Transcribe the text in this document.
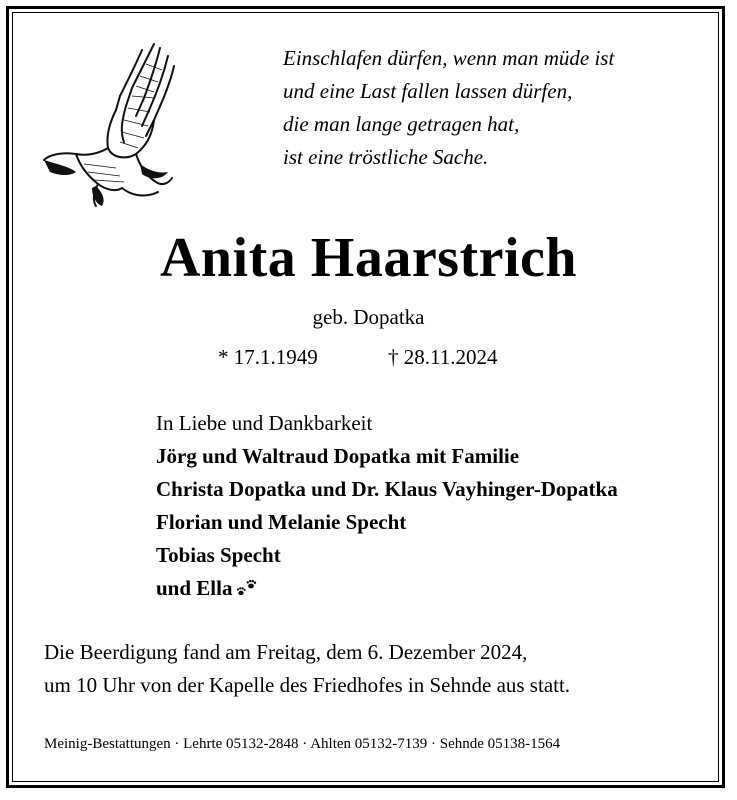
Einschlafen dürfen, wenn man müde ist
und eine Last fallen lassen dürfen,
die man lange getragen hat,
ist eine tröstliche Sache.
Anita Haarstrich
geb. Dopatka
* 17.1.1949	† 28.11.2024
In Liebe und Dankbarkeit
Jörg und Waltraud Dopatka mit Familie
Christa Dopatka und Dr. Klaus Vayhinger-Dopatka
Florian und Melanie Specht
Tobias Specht
und Ella
Die Beerdigung fand am Freitag, dem 6. Dezember 2024,
um 10 Uhr von der Kapelle des Friedhofes in Sehnde aus statt.
Meinig-Bestattungen · Lehrte 05132-2848 · Ahlten 05132-7139 · Sehnde 05138-1564
